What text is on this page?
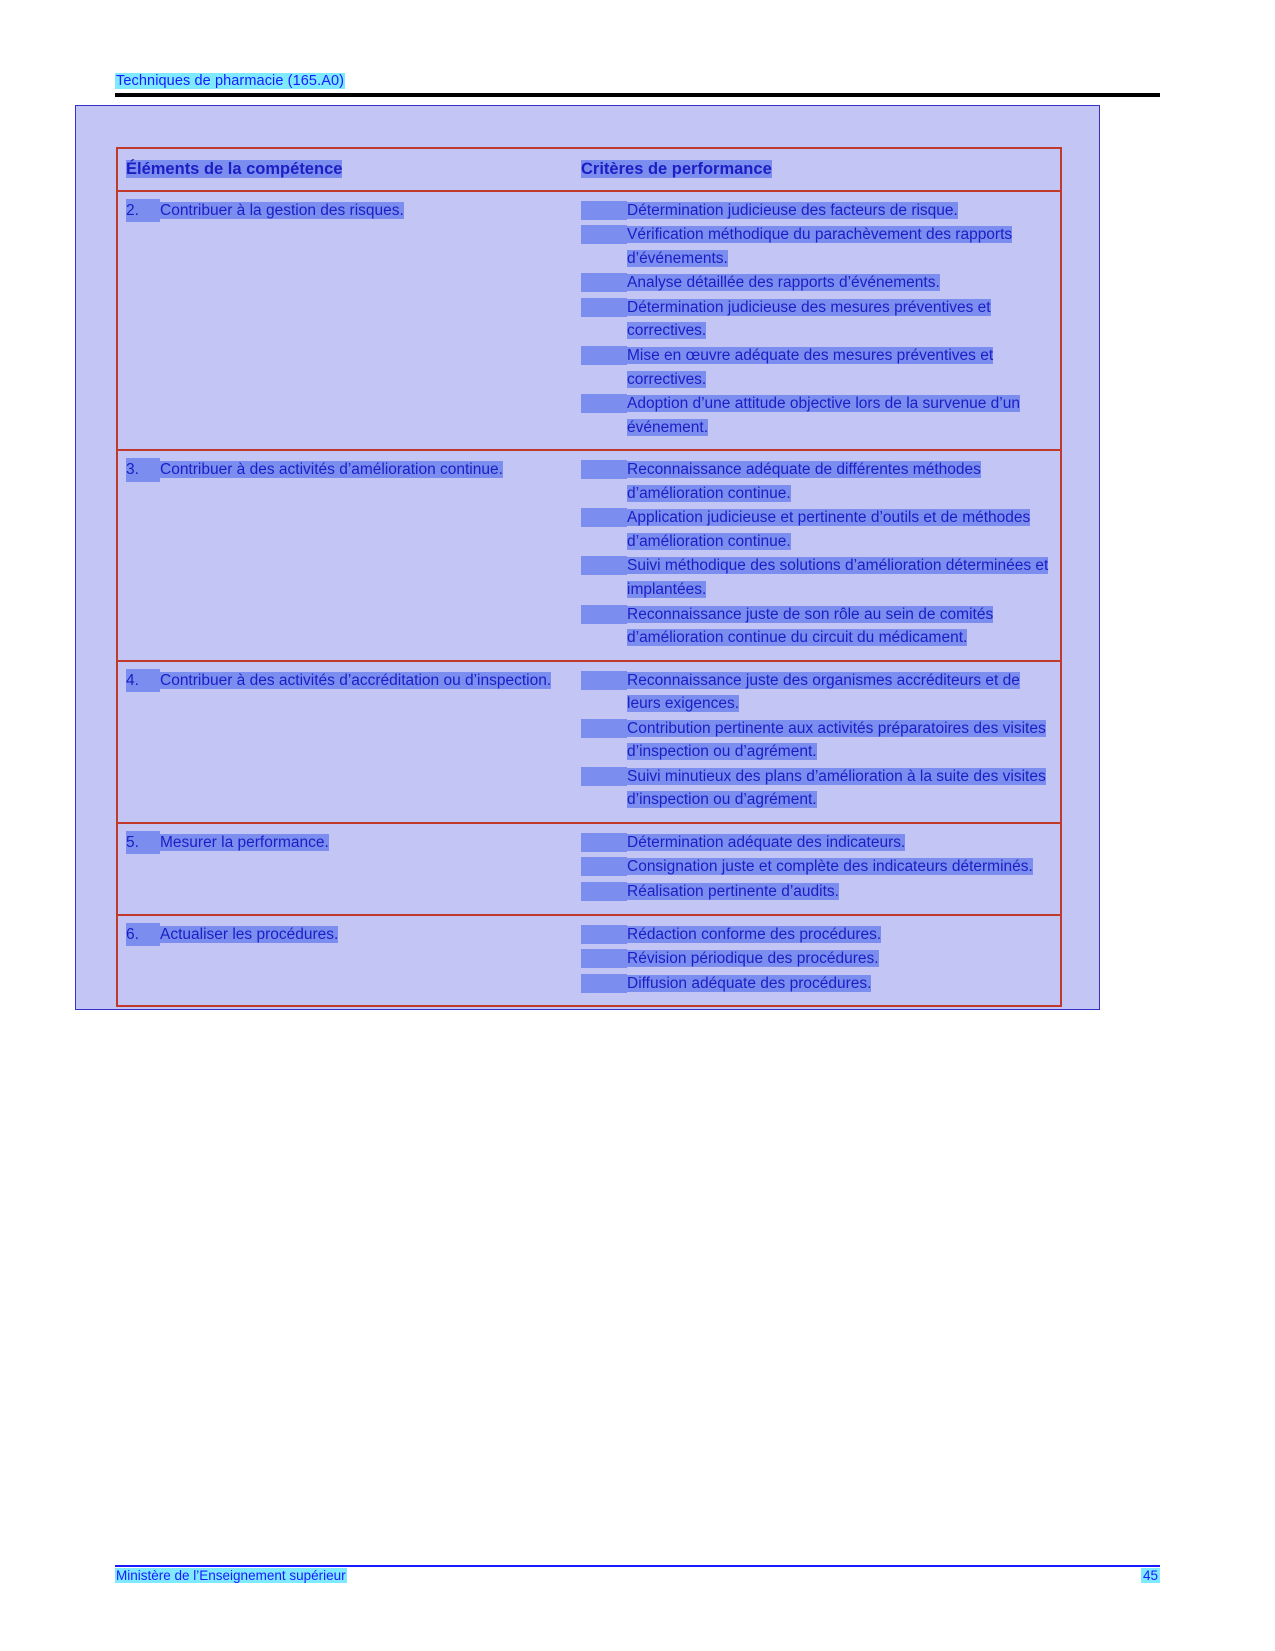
Techniques de pharmacie (165.A0)
Éléments de la compétence	Critères de performance
2.	Contribuer à la gestion des risques.	Détermination judicieuse des facteurs de risque.
Vérification méthodique du parachèvement des rapports d’événements.
Analyse détaillée des rapports d’événements.
Détermination judicieuse des mesures préventives et correctives.
Mise en œuvre adéquate des mesures préventives et correctives.
Adoption d’une attitude objective lors de la survenue d’un événement.
3.	Contribuer à des activités d’amélioration continue.	Reconnaissance adéquate de différentes méthodes d’amélioration continue.
Application judicieuse et pertinente d’outils et de méthodes d’amélioration continue.
Suivi méthodique des solutions d’amélioration déterminées et implantées.
Reconnaissance juste de son rôle au sein de comités d’amélioration continue du circuit du médicament.
4.	Contribuer à des activités d’accréditation ou d’inspection.	Reconnaissance juste des organismes accréditeurs et de leurs exigences.
Contribution pertinente aux activités préparatoires des visites d’inspection ou d’agrément.
Suivi minutieux des plans d’amélioration à la suite des visites d’inspection ou d’agrément.
5.	Mesurer la performance.	Détermination adéquate des indicateurs.
Consignation juste et complète des indicateurs déterminés.
Réalisation pertinente d’audits.
6.	Actualiser les procédures.	Rédaction conforme des procédures.
Révision périodique des procédures.
Diffusion adéquate des procédures.
Ministère de l’Enseignement supérieur	45
